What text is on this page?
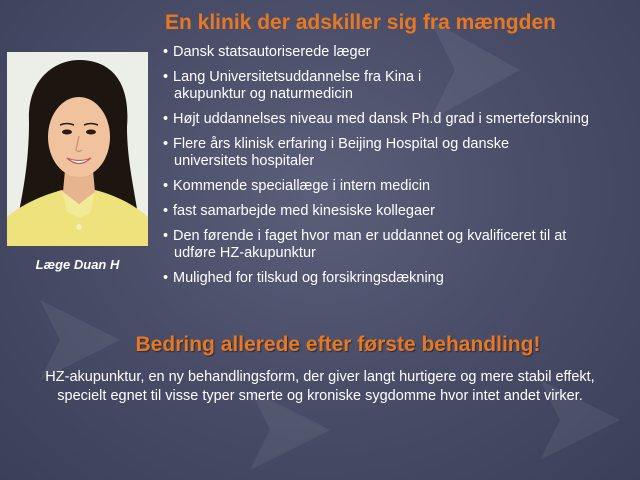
En klinik der adskiller sig fra mængden
Læge Duan H
• Dansk statsautoriserede læger
• Lang Universitetsuddannelse fra Kina i
akupunktur og naturmedicin
• Højt uddannelses niveau med dansk Ph.d grad i smerteforskning
• Flere års klinisk erfaring i Beijing Hospital og danske
universitets hospitaler
• Kommende speciallæge i intern medicin
• fast samarbejde med kinesiske kollegaer
• Den førende i faget hvor man er uddannet og kvalificeret til at
udføre HZ-akupunktur
• Mulighed for tilskud og forsikringsdækning
Bedring allerede efter første behandling!
HZ-akupunktur, en ny behandlingsform, der giver langt hurtigere og mere stabil effekt,
specielt egnet til visse typer smerte og kroniske sygdomme hvor intet andet virker.
